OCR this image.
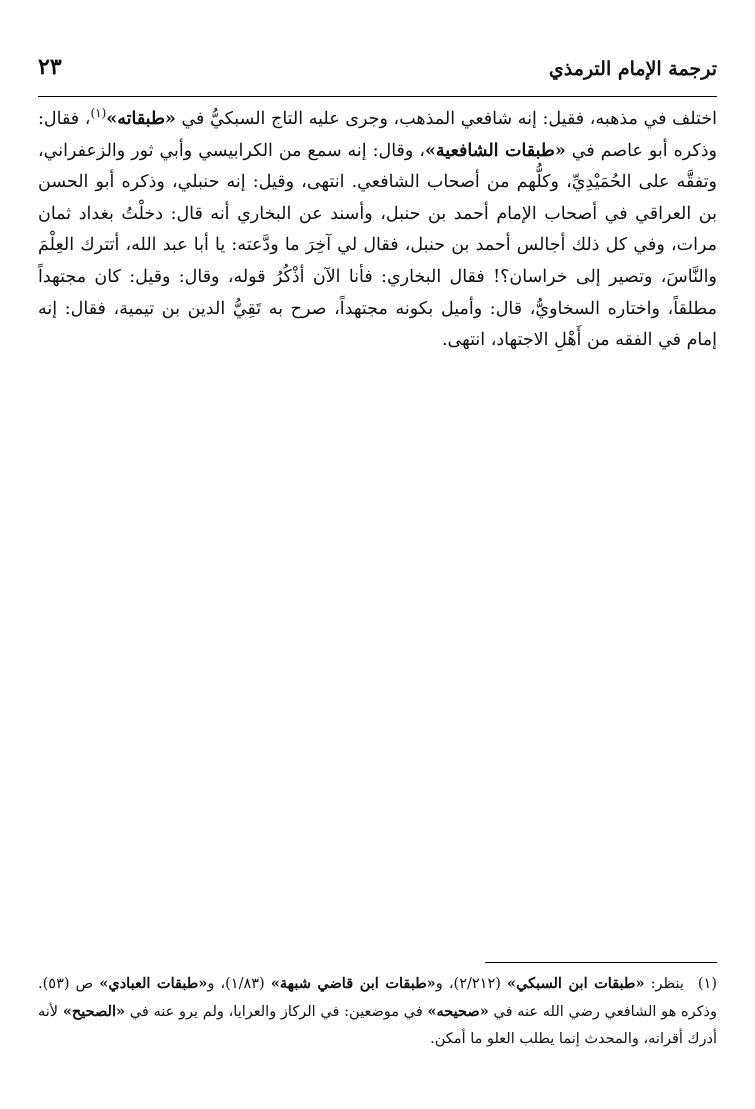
ترجمة الإمام الترمذي
٢٣

اختلف في مذهبه، فقيل: إنه شافعي المذهب، وجرى عليه التاج السبكيُّ في «طبقاته»$^{(١)}$، فقال: وذكره أبو عاصم في «طبقات الشافعية»، وقال: إنه سمع من الكرابيسي وأبي ثور والزعفراني، وتفقَّه على الحُمَيْدِيِّ، وكلُّهم من أصحاب الشافعي. انتهى، وقيل: إنه حنبلي، وذكره أبو الحسن بن العراقي في أصحاب الإمام أحمد بن حنبل، وأسند عن البخاري أنه قال: دخلْتُ بغداد ثمان مرات، وفي كل ذلك أجالس أحمد بن حنبل، فقال لي آخِرَ ما ودَّعته: يا أبا عبد الله، أتترك العِلْمَ والنَّاسَ، وتصير إلى خراسان؟! فقال البخاري: فأنا الآن أذْكُرُ قوله، وقال: وقيل: كان مجتهداً مطلقاً، واختاره السخاويُّ، قال: وأميل بكونه مجتهداً، صرح به تَقِيُّ الدين بن تيمية، فقال: إنه إمام في الفقه من أَهْلِ الاجتهاد، انتهى.

(١)ينظر: «طبقات ابن السبكي» (٢/٢١٢)، و«طبقات ابن قاضي شبهة» (١/٨٣)، و«طبقات العبادي» ص (٥٣). وذكره هو الشافعي رضي الله عنه في «صحيحه» في موضعين: في الركاز والعرايا، ولم يرو عنه في «الصحيح» لأنه أدرك أقرانه، والمحدث إنما يطلب العلو ما أمكن.
